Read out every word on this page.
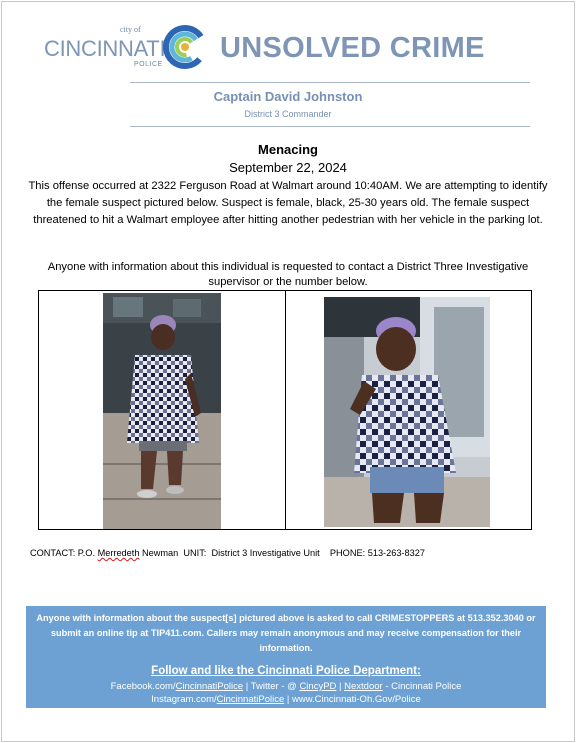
city of
CINCINNATI
POLICE
UNSOLVED CRIME
Captain David Johnston
District 3 Commander
Menacing
September 22, 2024
This offense occurred at 2322 Ferguson Road at Walmart around 10:40AM. We are attempting to identify the female suspect pictured below. Suspect is female, black, 25-30 years old. The female suspect threatened to hit a Walmart employee after hitting another pedestrian with her vehicle in the parking lot.
Anyone with information about this individual is requested to contact a District Three Investigative supervisor or the number below.
CONTACT: P.O. Merredeth Newman UNIT: District 3 Investigative Unit PHONE: 513-263-8327
Anyone with information about the suspect[s] pictured above is asked to call CRIMESTOPPERS at 513.352.3040 or submit an online tip at TIP411.com. Callers may remain anonymous and may receive compensation for their information.
Follow and like the Cincinnati Police Department:
Facebook.com/CincinnatiPolice | Twitter - @ CincyPD | Nextdoor - Cincinnati Police
Instagram.com/CincinnatiPolice | www.Cincinnati-Oh.Gov/Police
